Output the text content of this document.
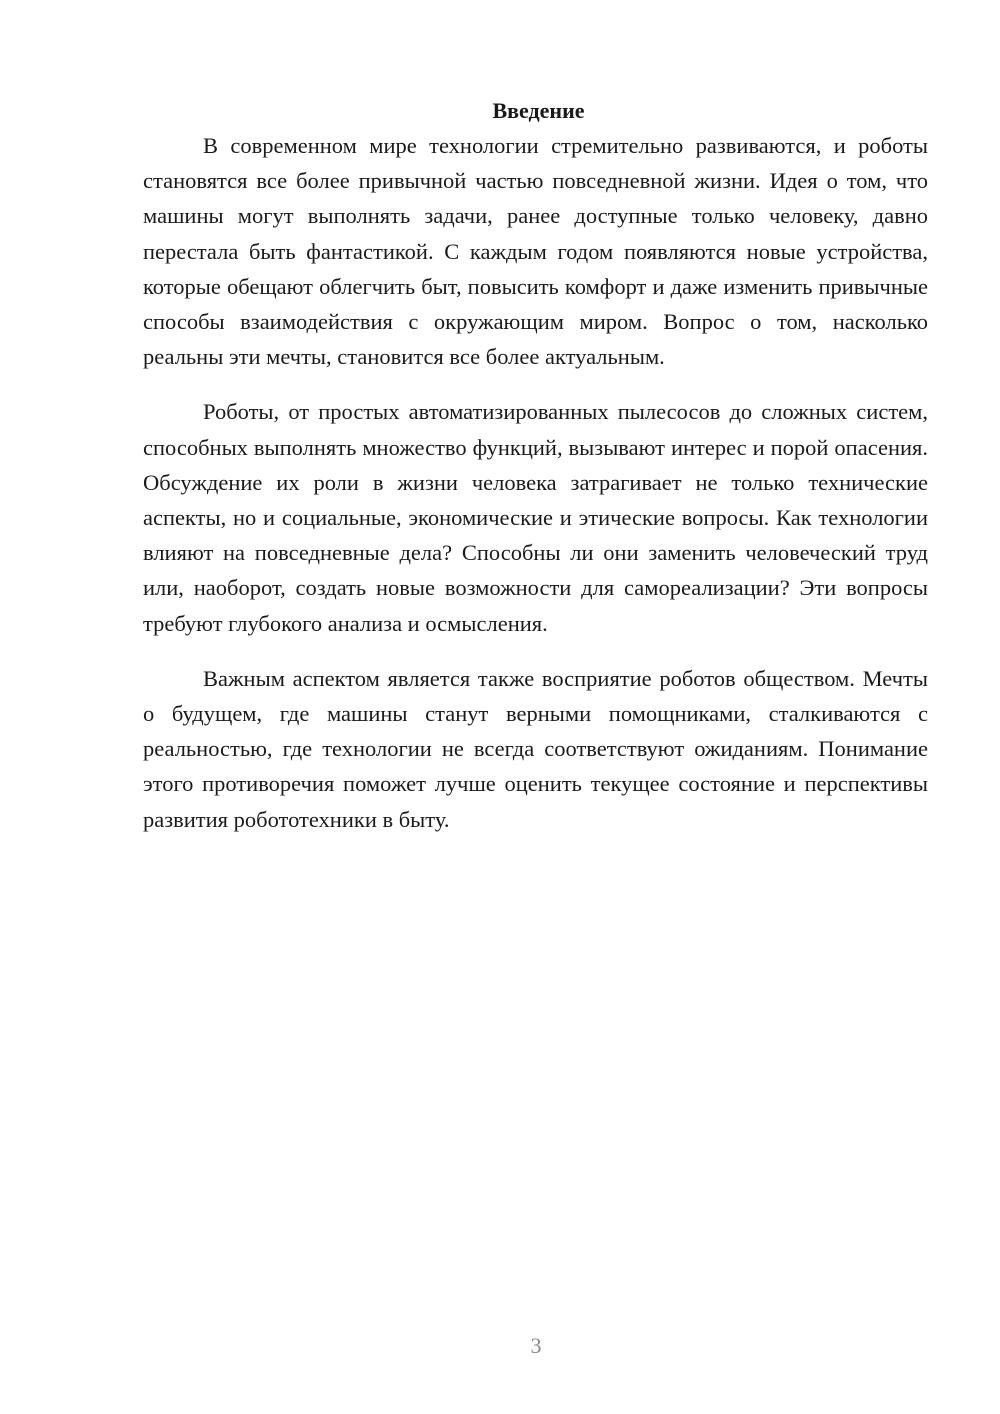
Введение

В современном мире технологии стремительно развиваются, и роботы становятся все более привычной частью повседневной жизни. Идея о том, что машины могут выполнять задачи, ранее доступные только человеку, давно перестала быть фантастикой. С каждым годом появляются новые устройства, которые обещают облегчить быт, повысить комфорт и даже изменить привычные способы взаимодействия с окружающим миром. Вопрос о том, насколько реальны эти мечты, становится все более актуальным.

Роботы, от простых автоматизированных пылесосов до сложных систем, способных выполнять множество функций, вызывают интерес и порой опасения. Обсуждение их роли в жизни человека затрагивает не только технические аспекты, но и социальные, экономические и этические вопросы. Как технологии влияют на повседневные дела? Способны ли они заменить человеческий труд или, наоборот, создать новые возможности для самореализации? Эти вопросы требуют глубокого анализа и осмысления.

Важным аспектом является также восприятие роботов обществом. Мечты о будущем, где машины станут верными помощниками, сталкиваются с реальностью, где технологии не всегда соответствуют ожиданиям. Понимание этого противоречия поможет лучше оценить текущее состояние и перспективы развития робототехники в быту.

3
